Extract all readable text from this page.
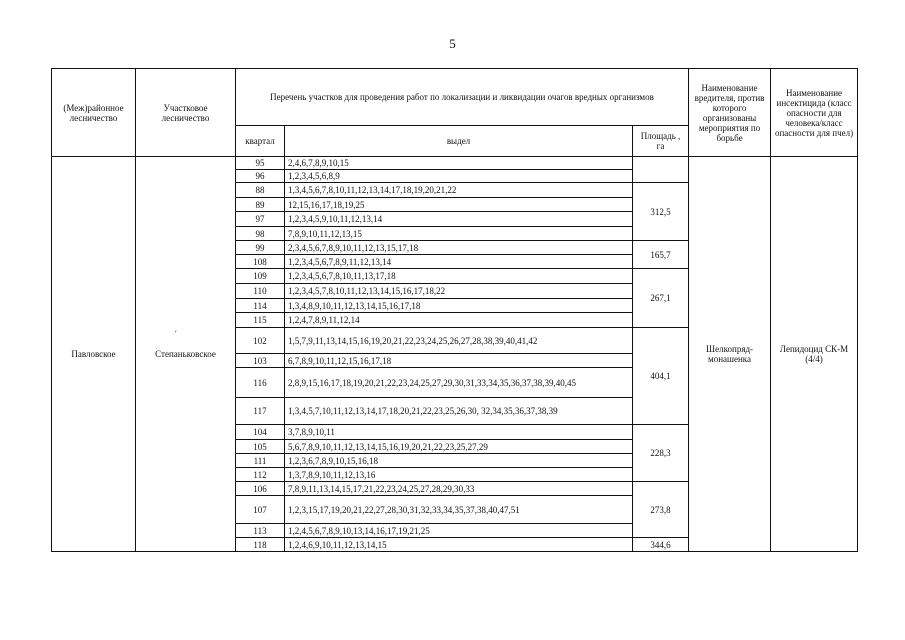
5
(Меж)районное лесничество	Участковое лесничество	Перечень участков для проведения работ по локализации и ликвидации очагов вредных организмов			Наименование вредителя, против которого организованы мероприятия по борьбе	Наименование инсектицида (класс опасности для человека/класс опасности для пчел)
		квартал	выдел	Площадь , га		
Павловское	Степаньковское	95	2,4,6,7,8,9,10,15		Шелкопряд-монашенка	Лепидоцид СК-М (4/4)
		96	1,2,3,4,5,6,8,9			
		88	1,3,4,5,6,7,8,10,11,12,13,14,17,18,19,20,21,22	312,5		
		89	12,15,16,17,18,19,25			
		97	1,2,3,4,5,9,10,11,12,13,14			
		98	7,8,9,10,11,12,13,15			
		99	2,3,4,5,6,7,8,9,10,11,12,13,15,17,18	165,7		
		108	1,2,3,4,5,6,7,8,9,11,12,13,14			
		109	1,2,3,4,5,6,7,8,10,11,13,17,18	267,1		
		110	1,2,3,4,5,7,8,10,11,12,13,14,15,16,17,18,22			
		114	1,3,4,8,9,10,11,12,13,14,15,16,17,18			
		115	1,2,4,7,8,9,11,12,14			
		102	1,5,7,9,11,13,14,15,16,19,20,21,22,23,24,25,26,27,28,38,39,40,41,42	404,1		
		103	6,7,8,9,10,11,12,15,16,17,18			
		116	2,8,9,15,16,17,18,19,20,21,22,23,24,25,27,29,30,31,33,34,35,36,37,38,39,40,45			
		117	1,3,4,5,7,10,11,12,13,14,17,18,20,21,22,23,25,26,30, 32,34,35,36,37,38,39			
		104	3,7,8,9,10,11	228,3		
		105	5,6,7,8,9,10,11,12,13,14,15,16,19,20,21,22,23,25,27,29			
		111	1,2,3,6,7,8,9,10,15,16,18			
		112	1,3,7,8,9,10,11,12,13,16			
		106	7,8,9,11,13,14,15,17,21,22,23,24,25,27,28,29,30,33	273,8		
		107	1,2,3,15,17,19,20,21,22,27,28,30,31,32,33,34,35,37,38,40,47,51			
		113	1,2,4,5,6,7,8,9,10,13,14,16,17,19,21,25			
		118	1,2,4,6,9,10,11,12,13,14,15	344,6		
'
